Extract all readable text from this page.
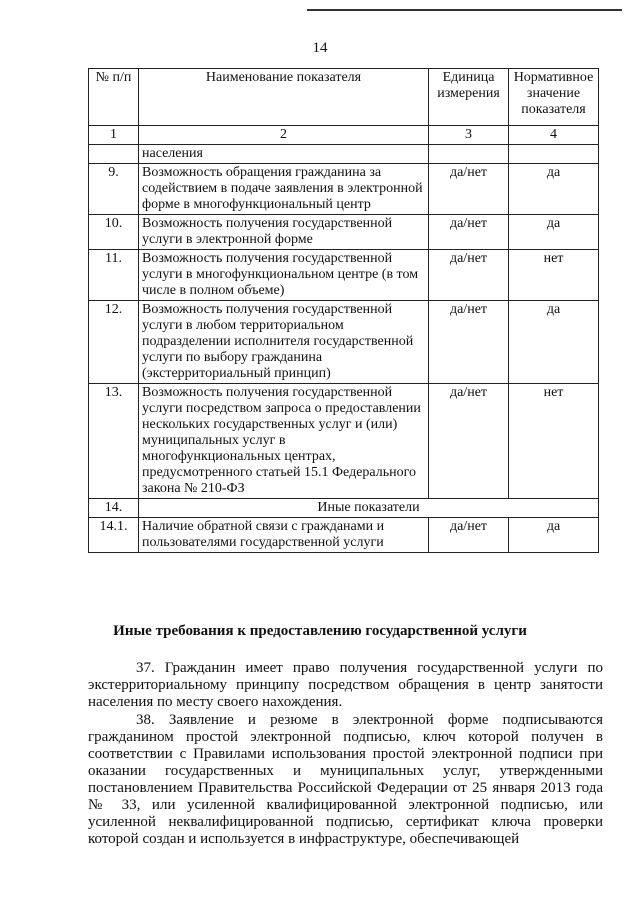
14
№ п/п	Наименование показателя	Единица измерения	Нормативное значение показателя
1	2	3	4
	населения		
9.	Возможность обращения гражданина за содействием в подаче заявления в электронной форме в многофункциональный центр	да/нет	да
10.	Возможность получения государственной услуги в электронной форме	да/нет	да
11.	Возможность получения государственной услуги в многофункциональном центре (в том числе в полном объеме)	да/нет	нет
12.	Возможность получения государственной услуги в любом территориальном подразделении исполнителя государственной услуги по выбору гражданина (экстерриториальный принцип)	да/нет	да
13.	Возможность получения государственной услуги посредством запроса о предоставлении нескольких государственных услуг и (или) муниципальных услуг в многофункциональных центрах, предусмотренного статьей 15.1 Федерального закона № 210-ФЗ	да/нет	нет
14.	Иные показатели		
14.1.	Наличие обратной связи с гражданами и пользователями государственной услуги	да/нет	да
Иные требования к предоставлению государственной услуги

37. Гражданин имеет право получения государственной услуги по экстерриториальному принципу посредством обращения в центр занятости населения по месту своего нахождения.

38. Заявление и резюме в электронной форме подписываются гражданином простой электронной подписью, ключ которой получен в соответствии с Правилами использования простой электронной подписи при оказании государственных и муниципальных услуг, утвержденными постановлением Правительства Российской Федерации от 25 января 2013 года № 33, или усиленной квалифицированной электронной подписью, или усиленной неквалифицированной подписью, сертификат ключа проверки которой создан и используется в инфраструктуре, обеспечивающей
